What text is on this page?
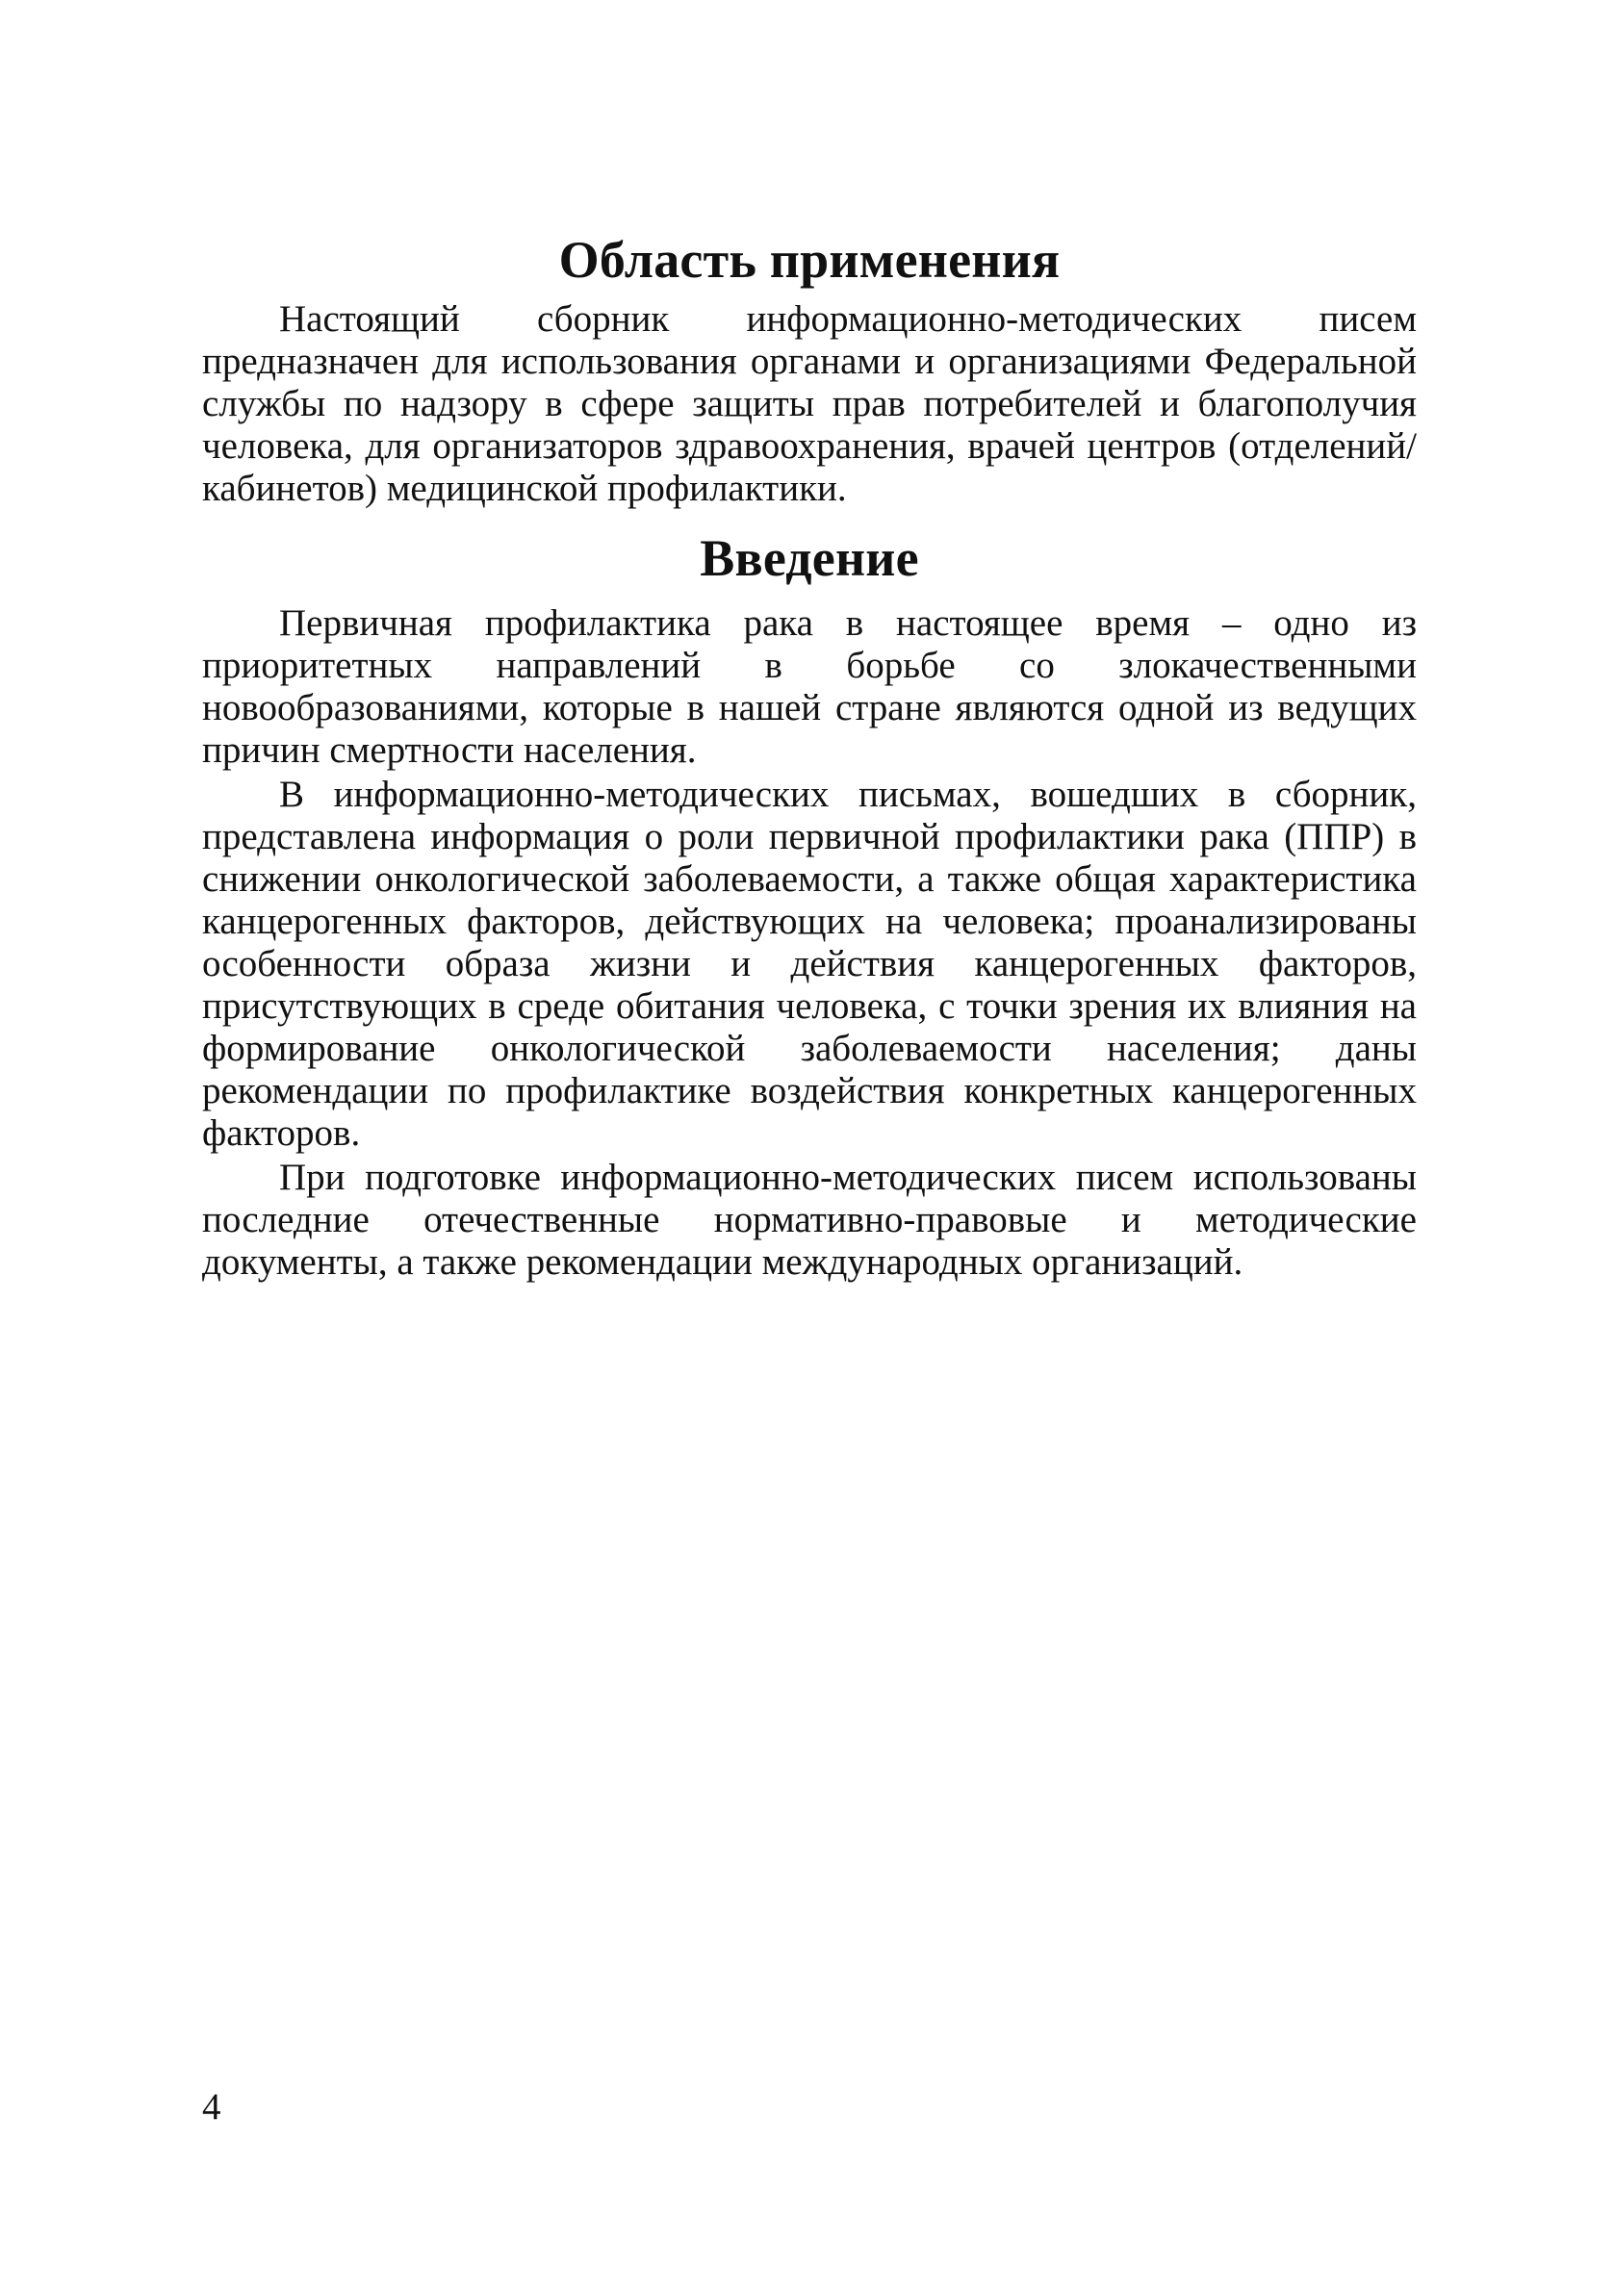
Область применения

Настоящий сборник информационно-методических писем предназначен для использования органами и организациями Федеральной службы по надзору в сфере защиты прав потребителей и благополучия человека, для организаторов здравоохранения, врачей центров (отделений/кабинетов) медицинской профилактики.

Введение

Первичная профилактика рака в настоящее время – одно из приоритетных направлений в борьбе со злокачественными новообразованиями, которые в нашей стране являются одной из ведущих причин смертности населения.

В информационно-методических письмах, вошедших в сборник, представлена информация о роли первичной профилактики рака (ППР) в снижении онкологической заболеваемости, а также общая характеристика канцерогенных факторов, действующих на человека; проанализированы особенности образа жизни и действия канцерогенных факторов, присутствующих в среде обитания человека, с точки зрения их влияния на формирование онкологической заболеваемости населения; даны рекомендации по профилактике воздействия конкретных канцерогенных факторов.

При подготовке информационно-методических писем использованы последние отечественные нормативно-правовые и методические документы, а также рекомендации международных организаций.

4
